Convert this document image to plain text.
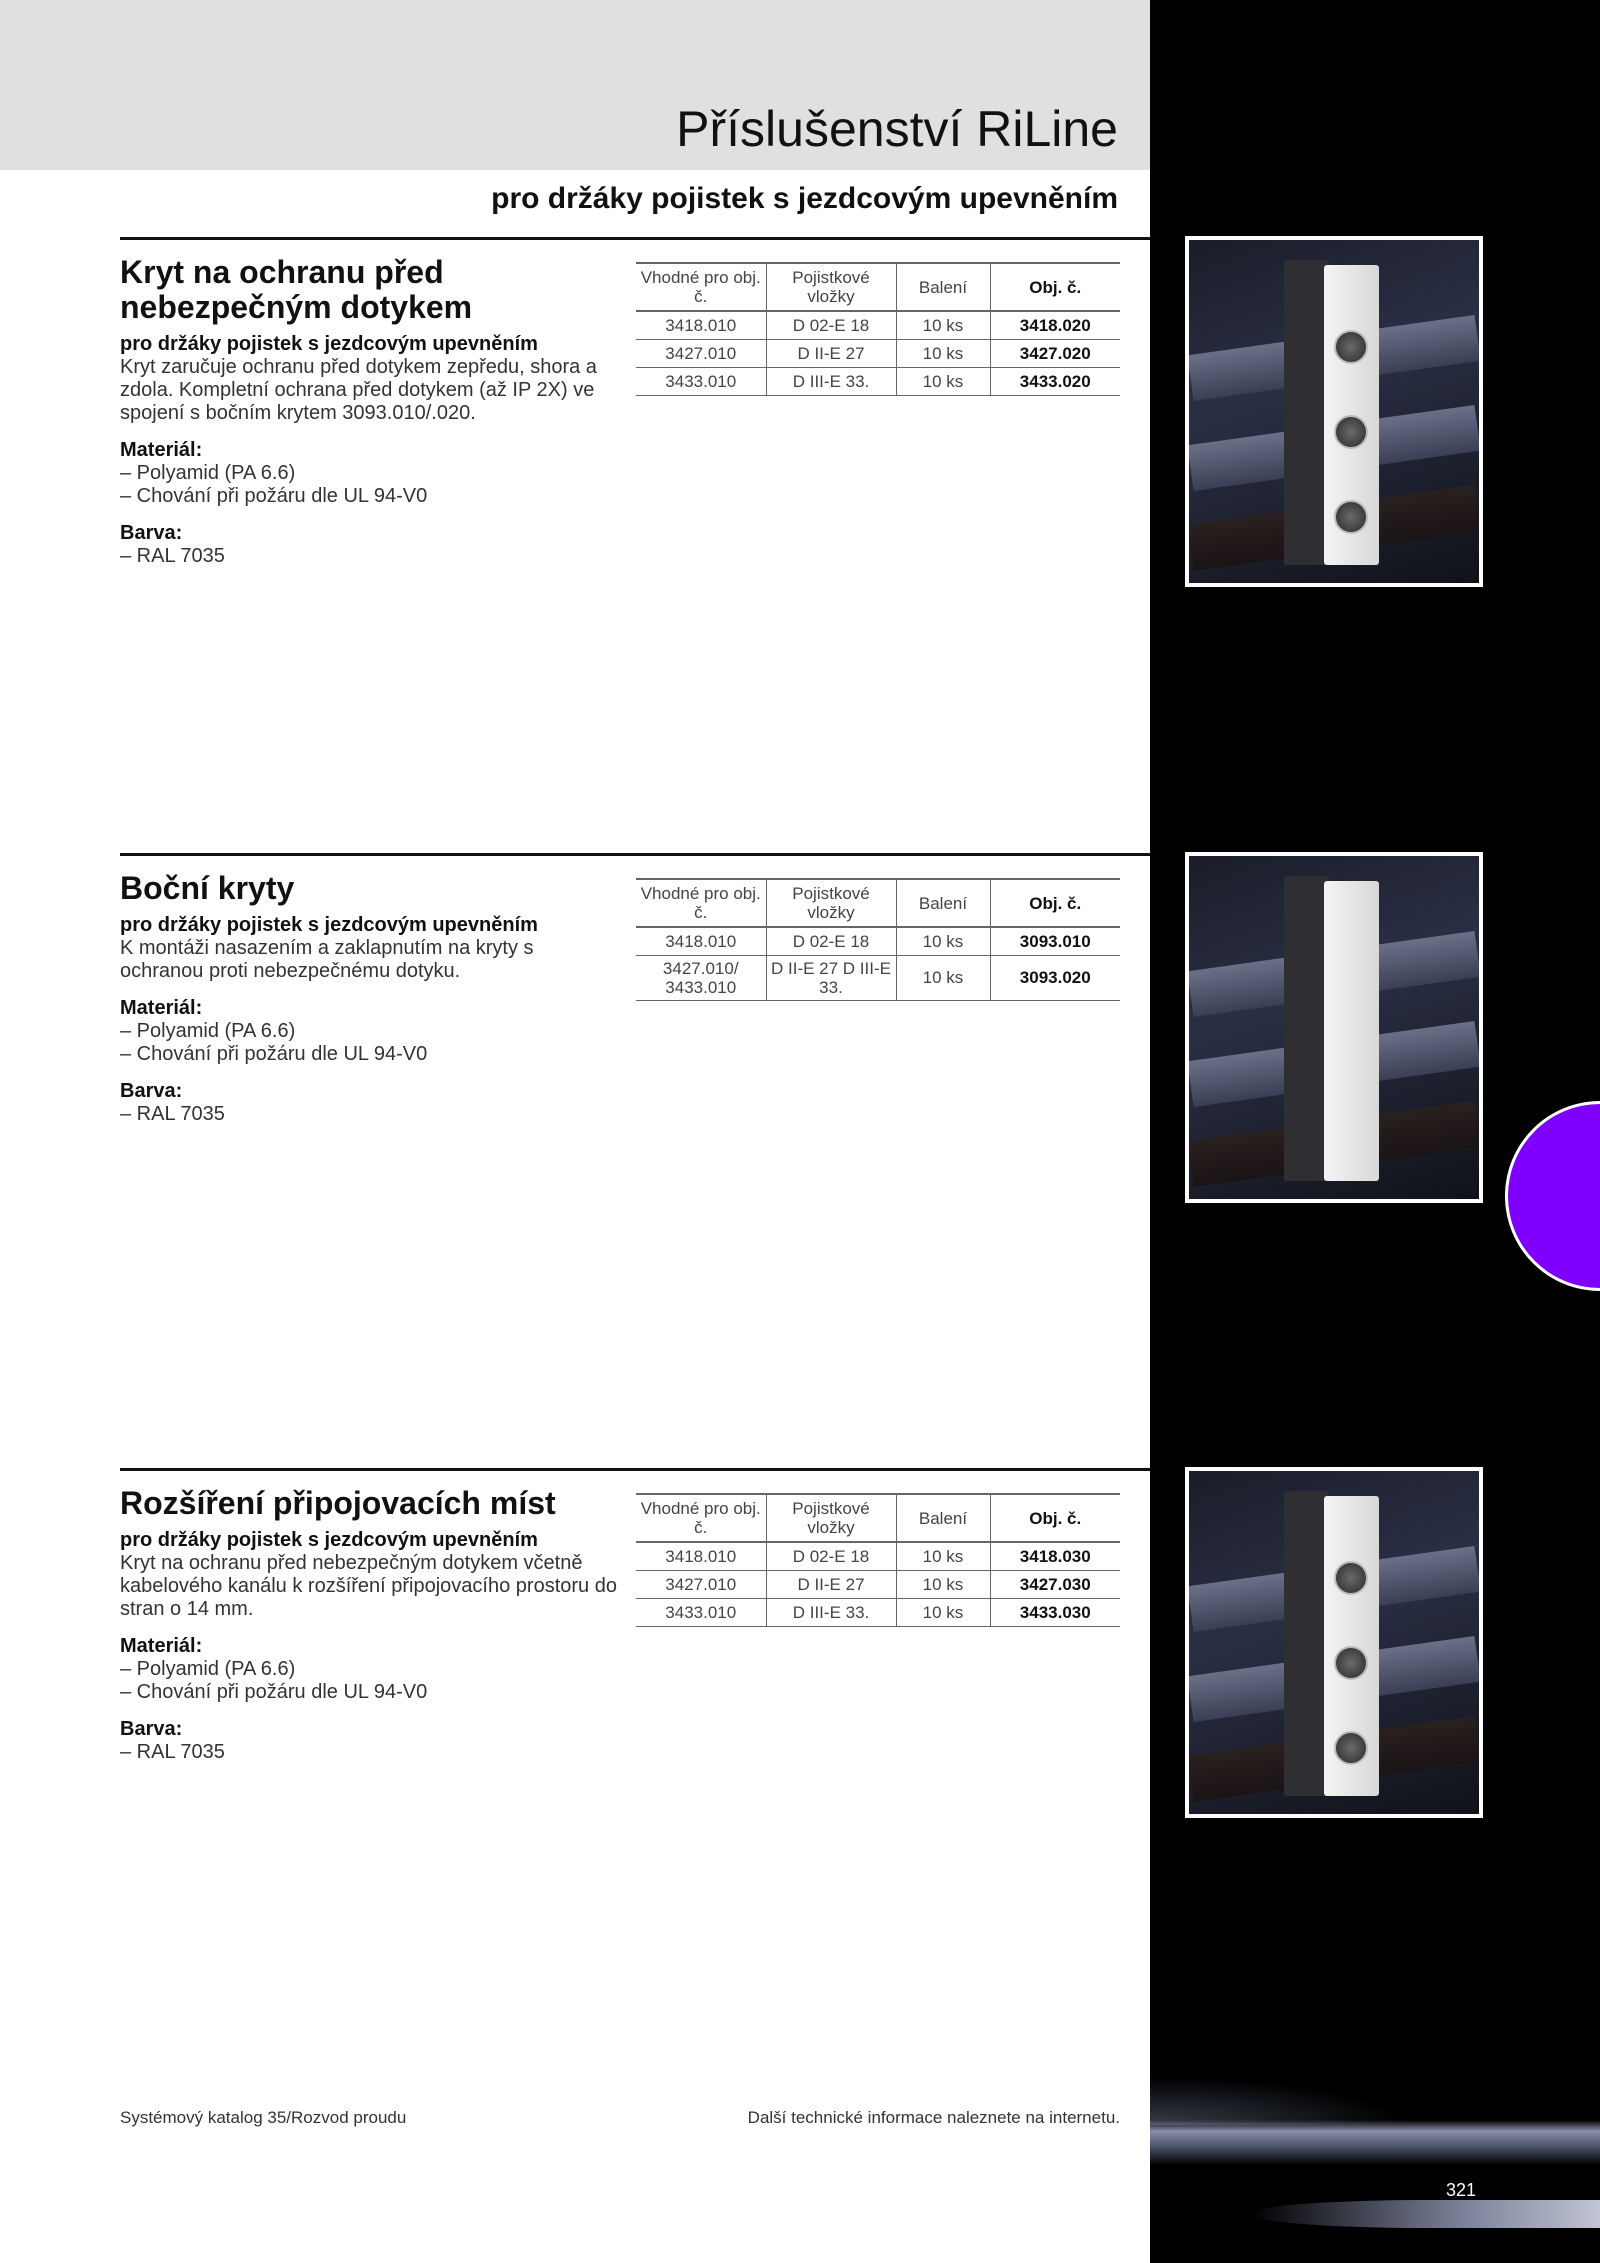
Příslušenství RiLine
pro držáky pojistek s jezdcovým upevněním
Kryt na ochranu před nebezpečným dotykem
pro držáky pojistek s jezdcovým upevněním
Kryt zaručuje ochranu před dotykem zepředu, shora a zdola. Kompletní ochrana před dotykem (až IP 2X) ve spojení s bočním krytem 3093.010/.020.
Materiál:
– Polyamid (PA 6.6)
– Chování při požáru dle UL 94-V0
Barva:
– RAL 7035
Vhodné pro obj. č.	Pojistkové vložky	Balení	Obj. č.
3418.010	D 02-E 18	10 ks	3418.020
3427.010	D II-E 27	10 ks	3427.020
3433.010	D III-E 33.	10 ks	3433.020
Boční kryty
pro držáky pojistek s jezdcovým upevněním
K montáži nasazením a zaklapnutím na kryty s ochranou proti nebezpečnému dotyku.
Materiál:
– Polyamid (PA 6.6)
– Chování při požáru dle UL 94-V0
Barva:
– RAL 7035
Vhodné pro obj. č.	Pojistkové vložky	Balení	Obj. č.
3418.010	D 02-E 18	10 ks	3093.010
3427.010/ 3433.010	D II-E 27 D III-E 33.	10 ks	3093.020
Rozšíření připojovacích míst
pro držáky pojistek s jezdcovým upevněním
Kryt na ochranu před nebezpečným dotykem včetně kabelového kanálu k rozšíření připojovacího prostoru do stran o 14 mm.
Materiál:
– Polyamid (PA 6.6)
– Chování při požáru dle UL 94-V0
Barva:
– RAL 7035
Vhodné pro obj. č.	Pojistkové vložky	Balení	Obj. č.
3418.010	D 02-E 18	10 ks	3418.030
3427.010	D II-E 27	10 ks	3427.030
3433.010	D III-E 33.	10 ks	3433.030
Systémový katalog 35/Rozvod proudu	Další technické informace naleznete na internetu.
321
